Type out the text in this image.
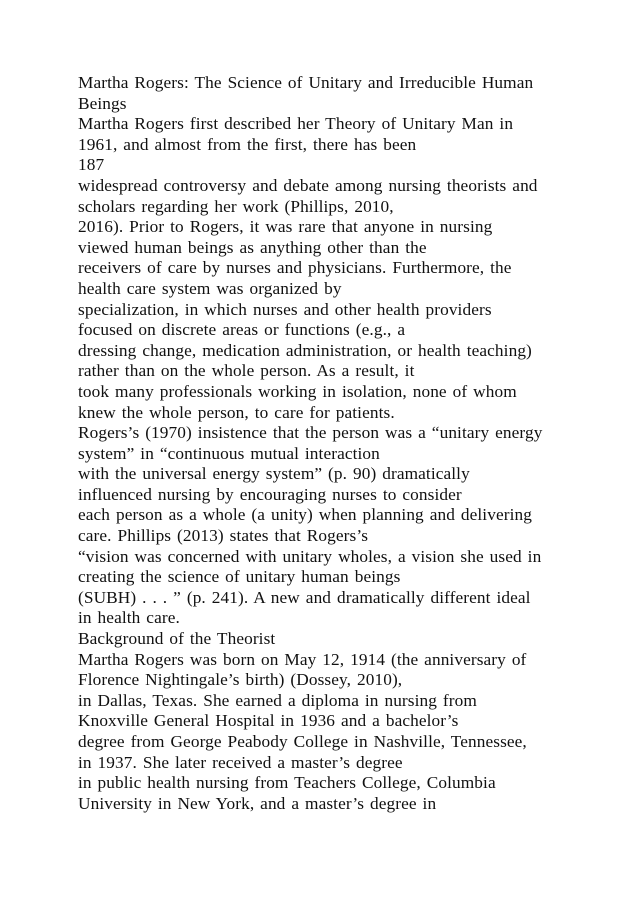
Martha Rogers: The Science of Unitary and Irreducible Human
Beings
Martha Rogers first described her Theory of Unitary Man in
1961, and almost from the first, there has been
187
widespread controversy and debate among nursing theorists and
scholars regarding her work (Phillips, 2010,
2016). Prior to Rogers, it was rare that anyone in nursing
viewed human beings as anything other than the
receivers of care by nurses and physicians. Furthermore, the
health care system was organized by
specialization, in which nurses and other health providers
focused on discrete areas or functions (e.g., a
dressing change, medication administration, or health teaching)
rather than on the whole person. As a result, it
took many professionals working in isolation, none of whom
knew the whole person, to care for patients.
Rogers’s (1970) insistence that the person was a “unitary energy
system” in “continuous mutual interaction
with the universal energy system” (p. 90) dramatically
influenced nursing by encouraging nurses to consider
each person as a whole (a unity) when planning and delivering
care. Phillips (2013) states that Rogers’s
“vision was concerned with unitary wholes, a vision she used in
creating the science of unitary human beings
(SUBH) . . . ” (p. 241). A new and dramatically different ideal
in health care.
Background of the Theorist
Martha Rogers was born on May 12, 1914 (the anniversary of
Florence Nightingale’s birth) (Dossey, 2010),
in Dallas, Texas. She earned a diploma in nursing from
Knoxville General Hospital in 1936 and a bachelor’s
degree from George Peabody College in Nashville, Tennessee,
in 1937. She later received a master’s degree
in public health nursing from Teachers College, Columbia
University in New York, and a master’s degree in
